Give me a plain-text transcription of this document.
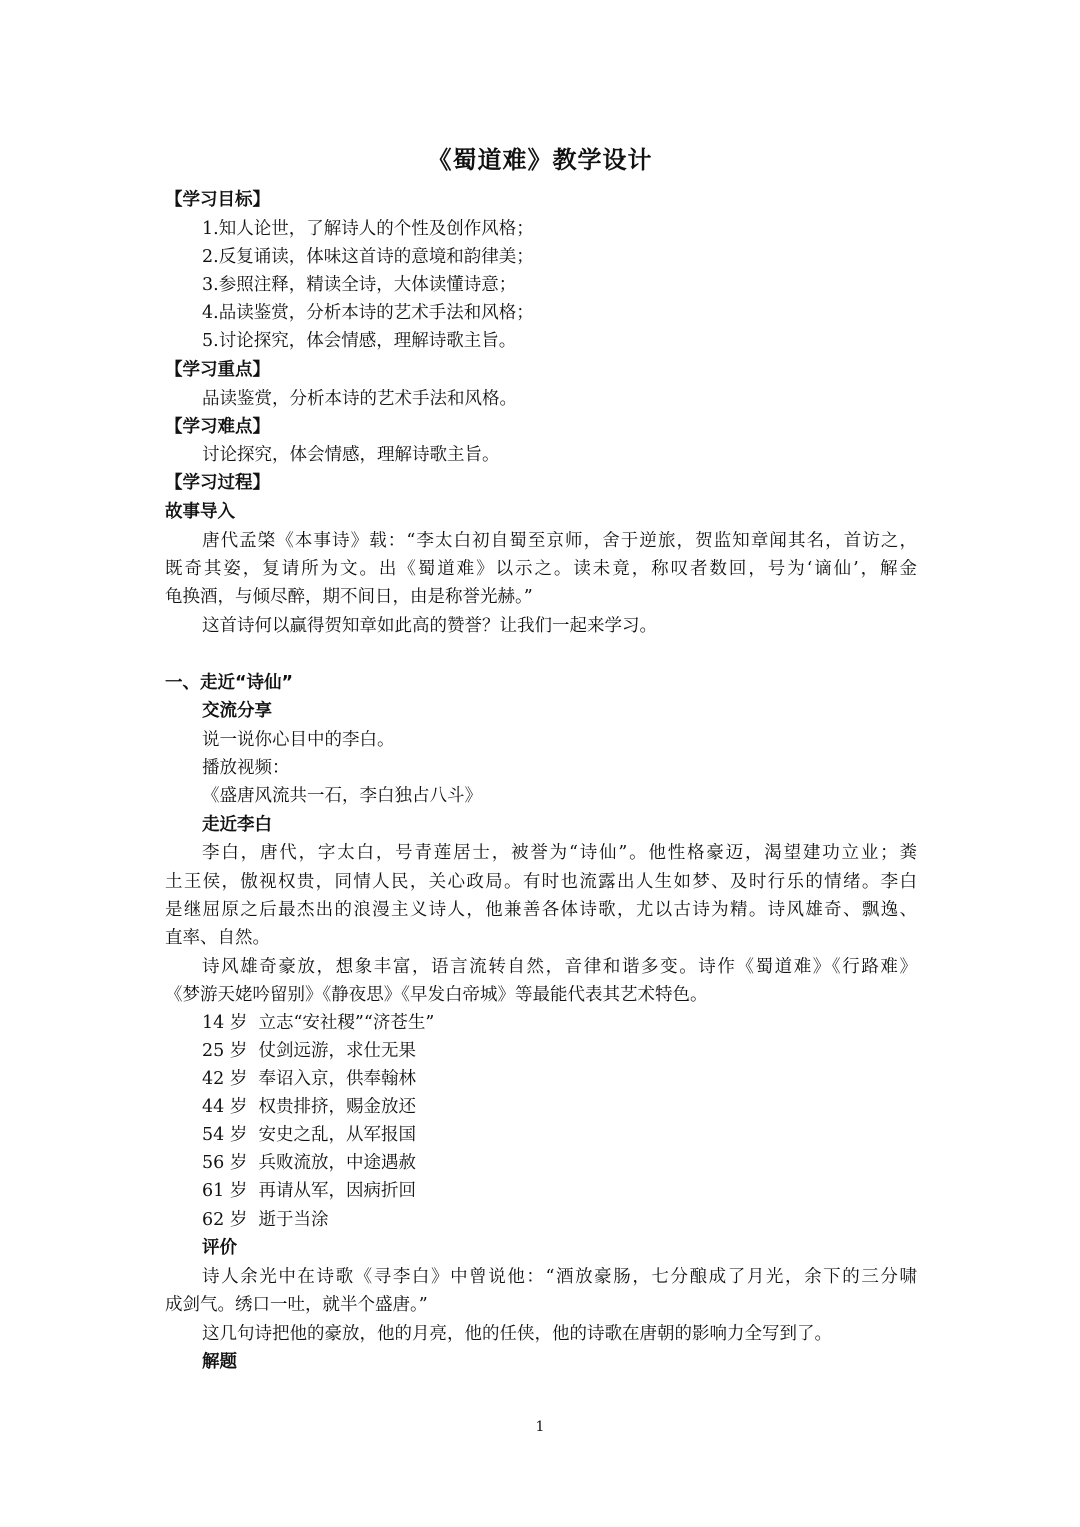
《蜀道难》教学设计
【学习目标】
1.知人论世，了解诗人的个性及创作风格；
2.反复诵读，体味这首诗的意境和韵律美；
3.参照注释，精读全诗，大体读懂诗意；
4.品读鉴赏，分析本诗的艺术手法和风格；
5.讨论探究，体会情感，理解诗歌主旨。
【学习重点】
品读鉴赏，分析本诗的艺术手法和风格。
【学习难点】
讨论探究，体会情感，理解诗歌主旨。
【学习过程】
故事导入
唐代孟棨《本事诗》载：“李太白初自蜀至京师，舍于逆旅，贺监知章闻其名，首访之，
既奇其姿，复请所为文。出《蜀道难》以示之。读未竟，称叹者数回，号为‘谪仙’，解金
龟换酒，与倾尽醉，期不间日，由是称誉光赫。”
这首诗何以赢得贺知章如此高的赞誉？让我们一起来学习。
一、走近“诗仙”
交流分享
说一说你心目中的李白。
播放视频：
《盛唐风流共一石，李白独占八斗》
走近李白
李白，唐代，字太白，号青莲居士，被誉为“诗仙”。他性格豪迈，渴望建功立业；粪
土王侯，傲视权贵，同情人民，关心政局。有时也流露出人生如梦、及时行乐的情绪。李白
是继屈原之后最杰出的浪漫主义诗人，他兼善各体诗歌，尤以古诗为精。诗风雄奇、飘逸、
直率、自然。
诗风雄奇豪放，想象丰富，语言流转自然，音律和谐多变。诗作《蜀道难》《行路难》
《梦游天姥吟留别》《静夜思》《早发白帝城》等最能代表其艺术特色。
14 岁 立志“安社稷”“济苍生”
25 岁 仗剑远游，求仕无果
42 岁 奉诏入京，供奉翰林
44 岁 权贵排挤，赐金放还
54 岁 安史之乱，从军报国
56 岁 兵败流放，中途遇赦
61 岁 再请从军，因病折回
62 岁 逝于当涂
评价
诗人余光中在诗歌《寻李白》中曾说他：“酒放豪肠，七分酿成了月光，余下的三分啸
成剑气。绣口一吐，就半个盛唐。”
这几句诗把他的豪放，他的月亮，他的任侠，他的诗歌在唐朝的影响力全写到了。
解题
1
